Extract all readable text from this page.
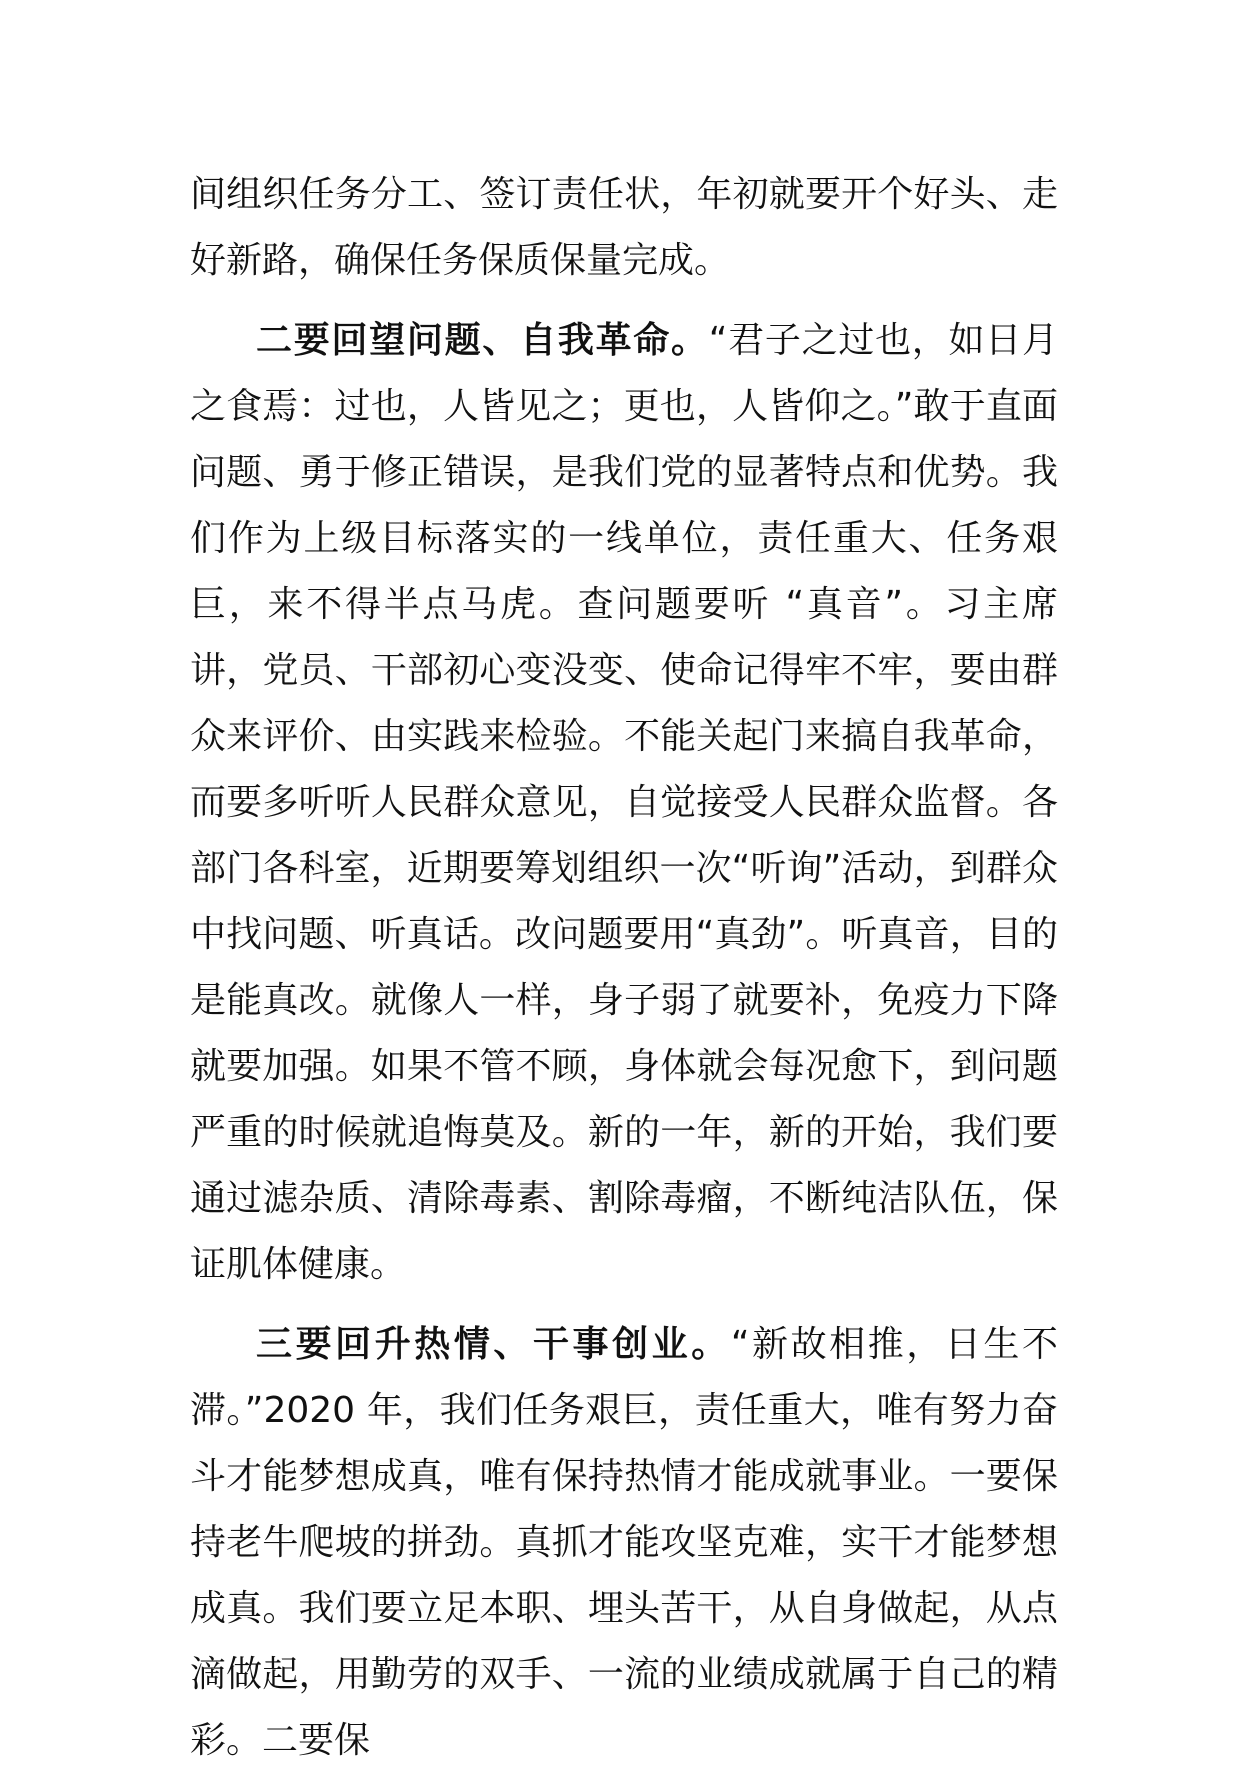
间组织任务分工、签订责任状，年初就要开个好头、走好新路，确保任务保质保量完成。

二要回望问题、自我革命。“君子之过也，如日月之食焉：过也，人皆见之；更也，人皆仰之。”敢于直面问题、勇于修正错误，是我们党的显著特点和优势。我们作为上级目标落实的一线单位，责任重大、任务艰巨，来不得半点马虎。查问题要听 “真音”。习主席讲，党员、干部初心变没变、使命记得牢不牢，要由群众来评价、由实践来检验。不能关起门来搞自我革命，而要多听听人民群众意见，自觉接受人民群众监督。各部门各科室，近期要筹划组织一次“听询”活动，到群众中找问题、听真话。改问题要用“真劲”。听真音，目的是能真改。就像人一样，身子弱了就要补，免疫力下降就要加强。如果不管不顾，身体就会每况愈下，到问题严重的时候就追悔莫及。新的一年，新的开始，我们要通过滤杂质、清除毒素、割除毒瘤，不断纯洁队伍，保证肌体健康。

三要回升热情、干事创业。“新故相推，日生不滞。”2020 年，我们任务艰巨，责任重大，唯有努力奋斗才能梦想成真，唯有保持热情才能成就事业。一要保持老牛爬坡的拼劲。真抓才能攻坚克难，实干才能梦想成真。我们要立足本职、埋头苦干，从自身做起，从点滴做起，用勤劳的双手、一流的业绩成就属于自己的精彩。二要保
